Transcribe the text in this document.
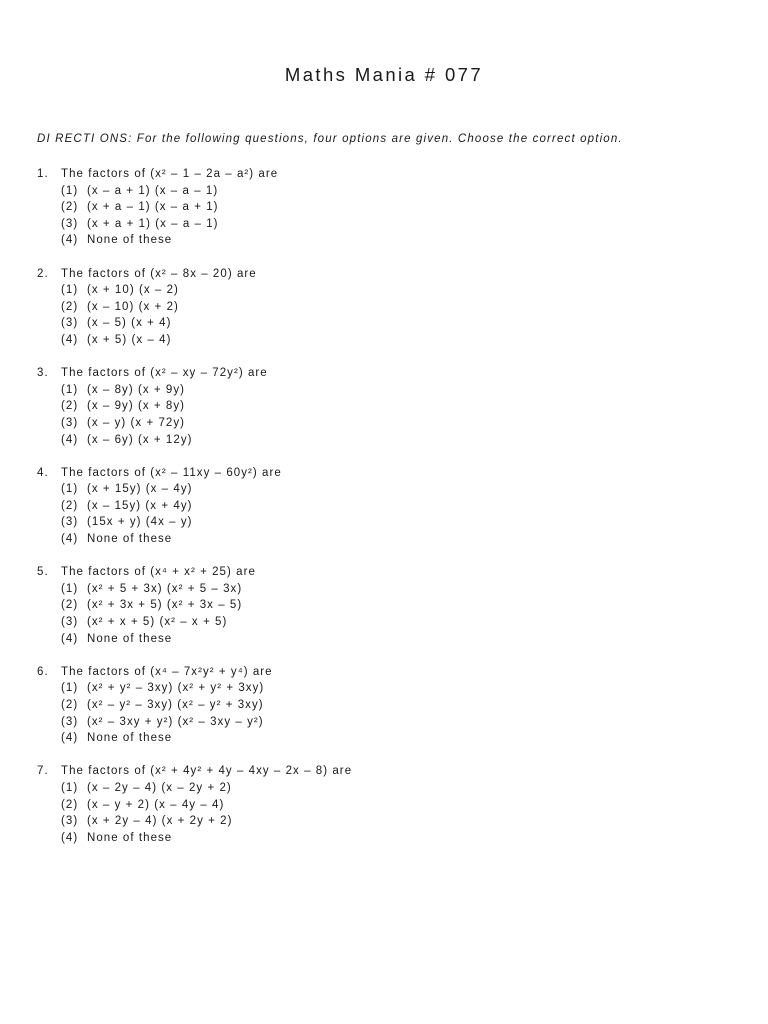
Maths Mania # 077
DI RECTI ONS: For the following questions, four options are given. Choose the correct option.
1. The factors of (x² – 1 – 2a – a²) are
(1) (x – a + 1) (x – a – 1)
(2) (x + a – 1) (x – a + 1)
(3) (x + a + 1) (x – a – 1)
(4) None of these
2. The factors of (x² – 8x – 20) are
(1) (x + 10) (x – 2)
(2) (x – 10) (x + 2)
(3) (x – 5) (x + 4)
(4) (x + 5) (x – 4)
3. The factors of (x² – xy – 72y²) are
(1) (x – 8y) (x + 9y)
(2) (x – 9y) (x + 8y)
(3) (x – y) (x + 72y)
(4) (x – 6y) (x + 12y)
4. The factors of (x² – 11xy – 60y²) are
(1) (x + 15y) (x – 4y)
(2) (x – 15y) (x + 4y)
(3) (15x + y) (4x – y)
(4) None of these
5. The factors of (x⁴ + x² + 25) are
(1) (x² + 5 + 3x) (x² + 5 – 3x)
(2) (x² + 3x + 5) (x² + 3x – 5)
(3) (x² + x + 5) (x² – x + 5)
(4) None of these
6. The factors of (x⁴ – 7x²y² + y⁴) are
(1) (x² + y² – 3xy) (x² + y² + 3xy)
(2) (x² – y² – 3xy) (x² – y² + 3xy)
(3) (x² – 3xy + y²) (x² – 3xy – y²)
(4) None of these
7. The factors of (x² + 4y² + 4y – 4xy – 2x – 8) are
(1) (x – 2y – 4) (x – 2y + 2)
(2) (x – y + 2) (x – 4y – 4)
(3) (x + 2y – 4) (x + 2y + 2)
(4) None of these
